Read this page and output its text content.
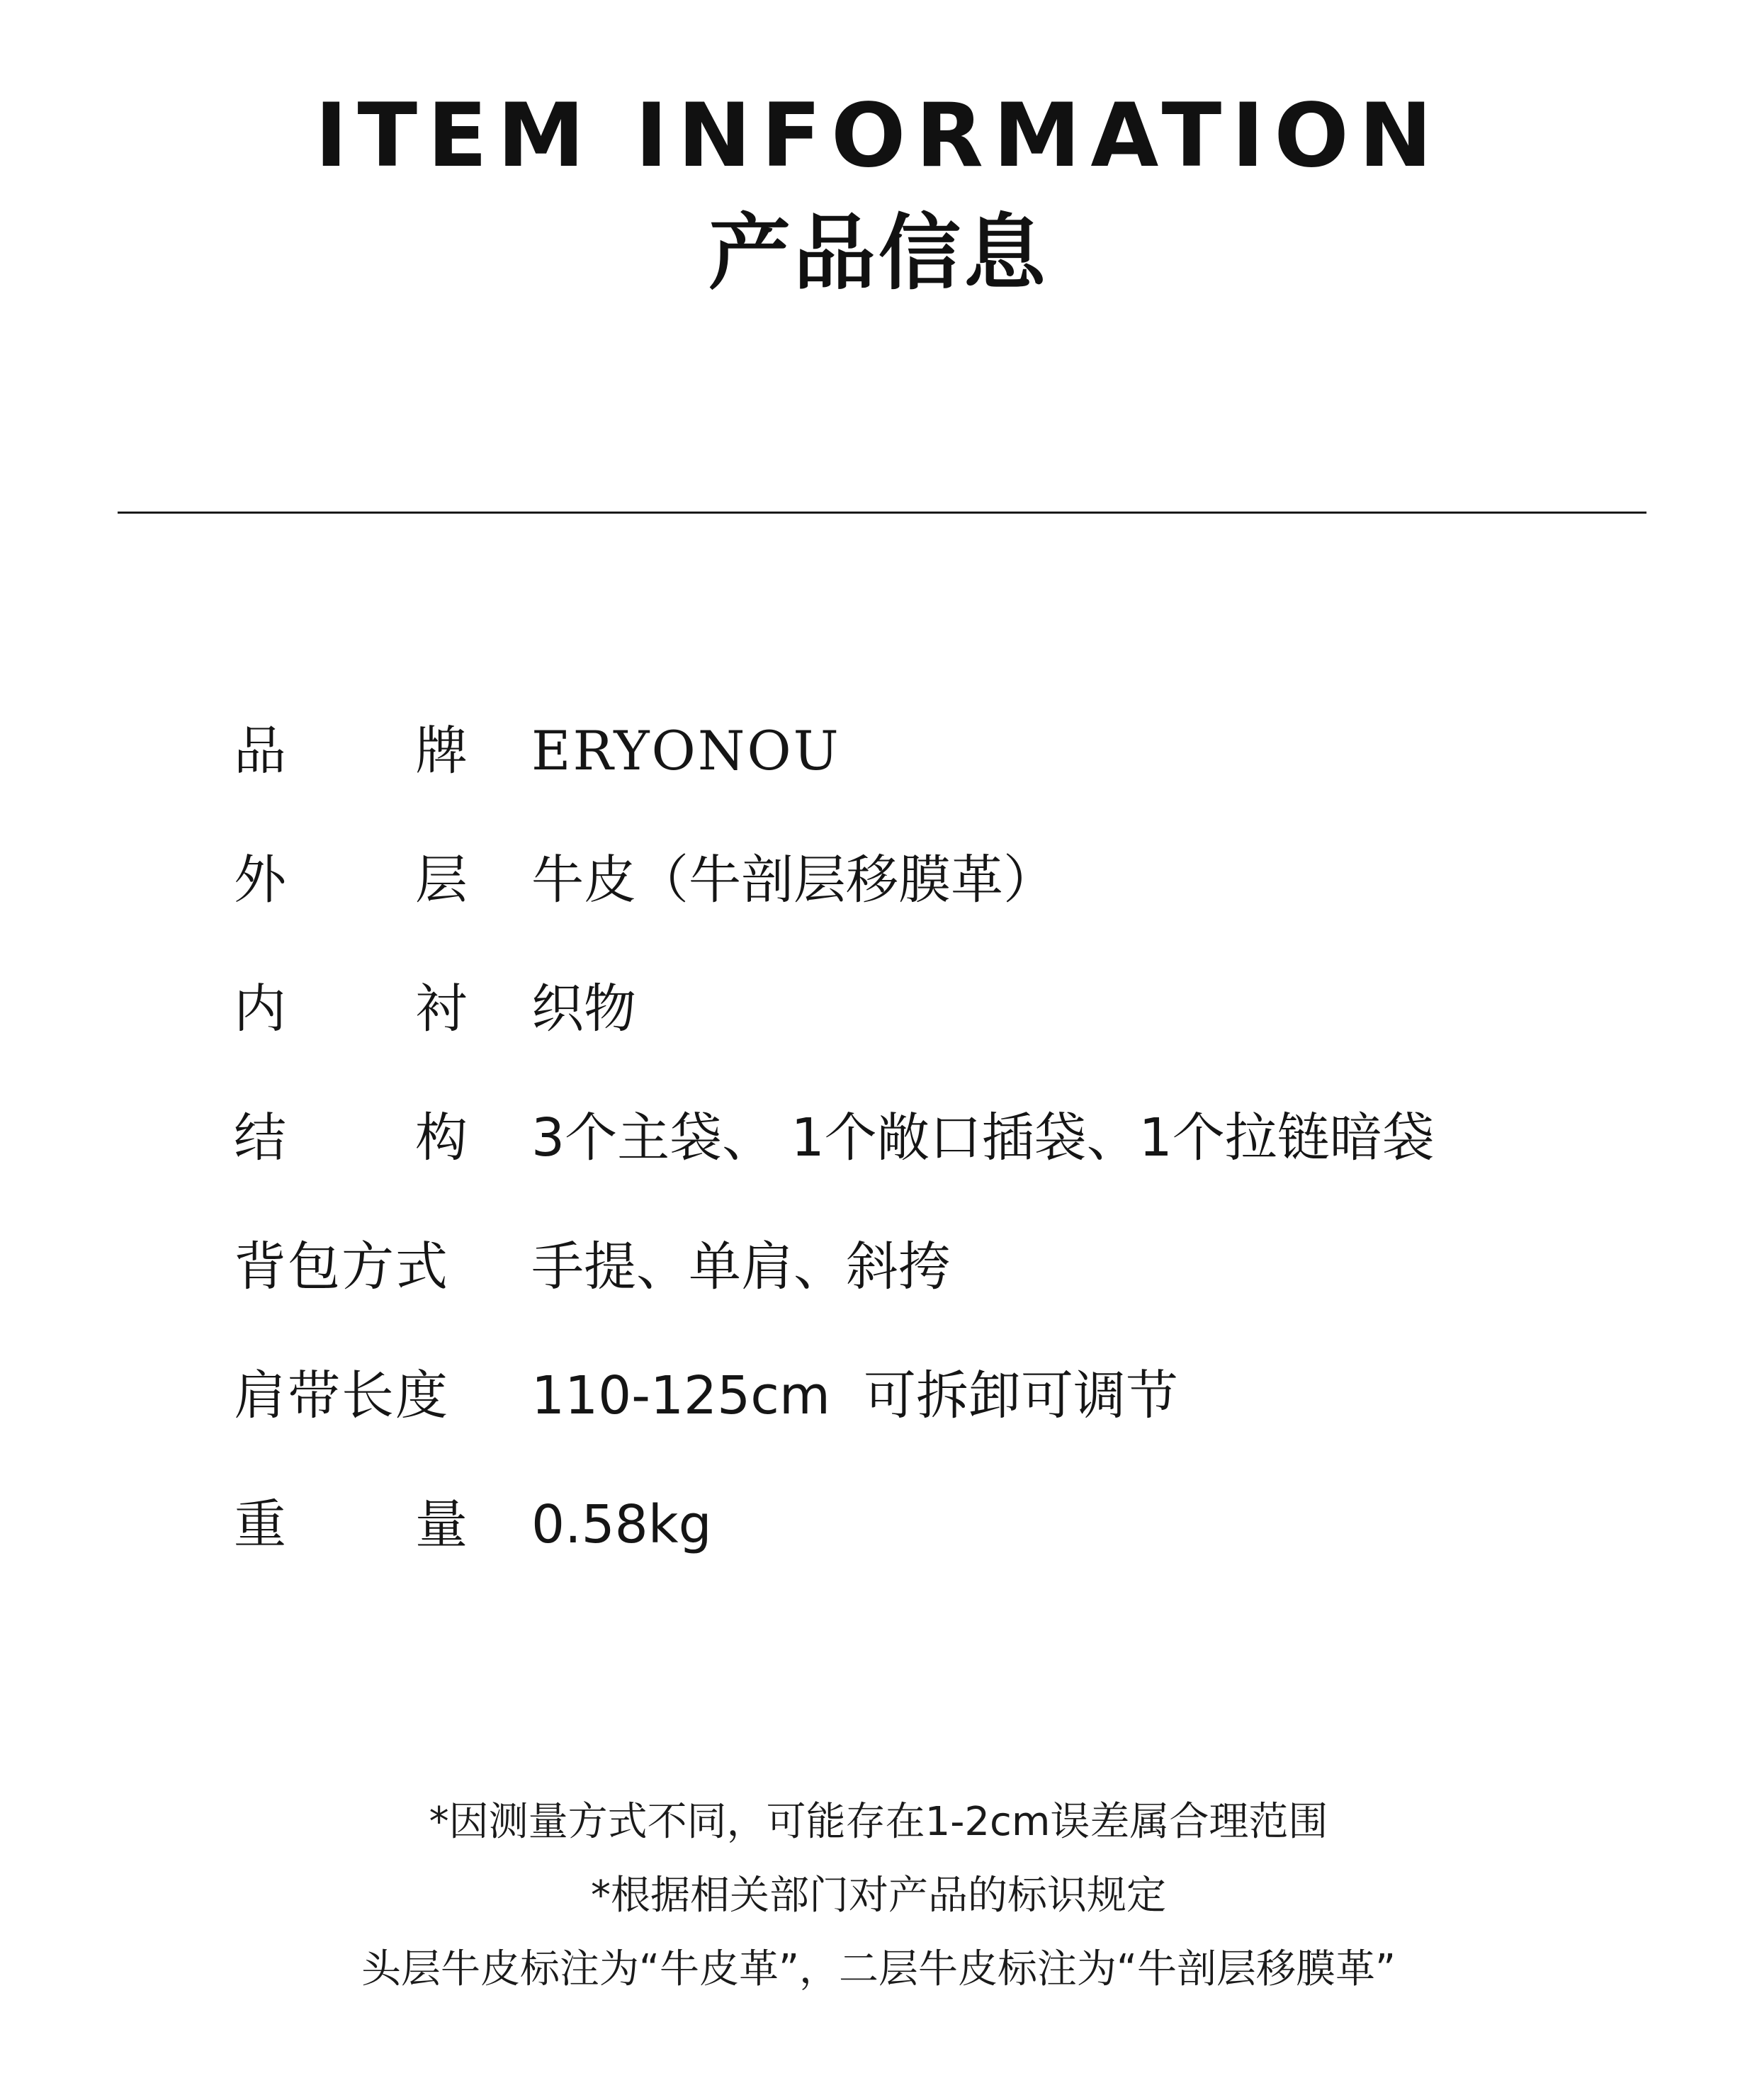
ITEM INFORMATION
产品信息
品 牌 ERYONOU
外 层 牛皮（牛剖层移膜革）
内 衬 织物
结 构 3个主袋、 1个敞口插袋、1个拉链暗袋
背包方式	手提、单肩、斜挎
肩带长度	110-125cm  可拆卸可调节
重 量 0.58kg
*因测量方式不同，可能存在1-2cm误差属合理范围
*根据相关部门对产品的标识规定
头层牛皮标注为“牛皮革”，二层牛皮标注为“牛剖层移膜革”
